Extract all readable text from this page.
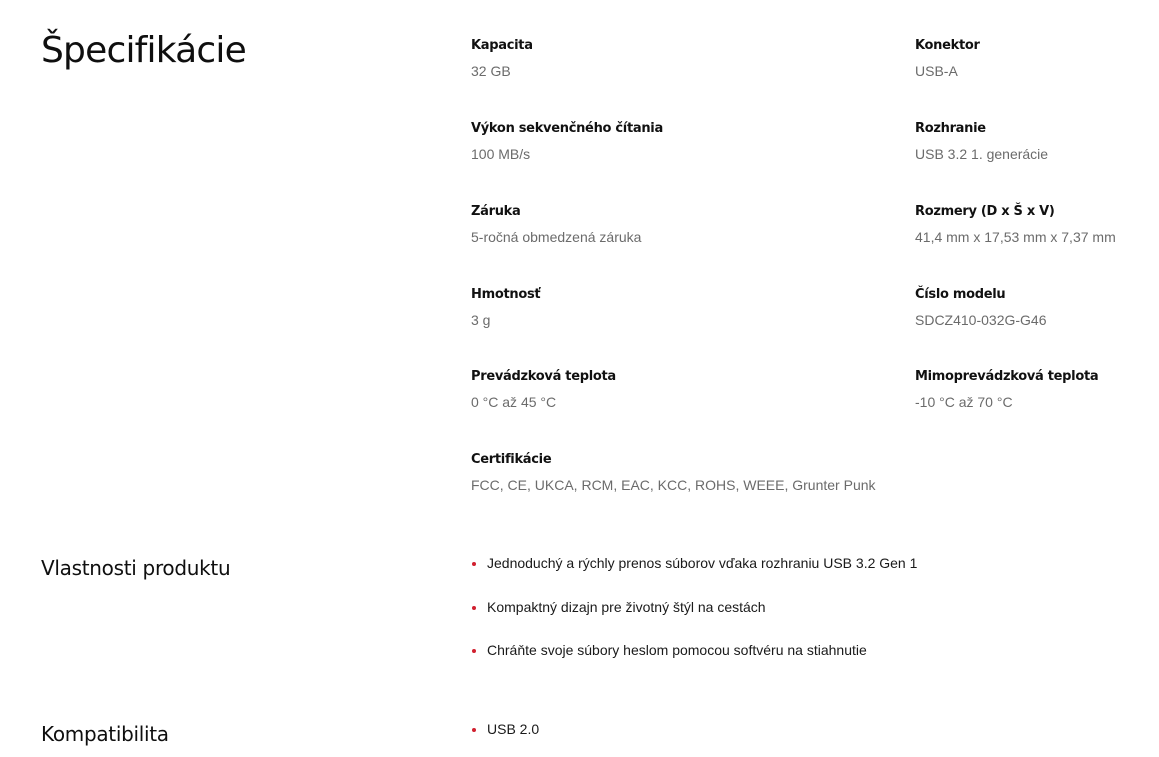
Špecifikácie	Kapacita
32 GB
Konektor
USB-A
Výkon sekvenčného čítania
100 MB/s
Rozhranie
USB 3.2 1. generácie
Záruka
5-ročná obmedzená záruka
Rozmery (D x Š x V)
41,4 mm x 17,53 mm x 7,37 mm
Hmotnosť
3 g
Číslo modelu
SDCZ410-032G-G46
Prevádzková teplota
0 °C až 45 °C
Mimoprevádzková teplota
-10 °C až 70 °C
Certifikácie
FCC, CE, UKCA, RCM, EAC, KCC, ROHS, WEEE, Grunter Punk
Vlastnosti produktu	Jednoduchý a rýchly prenos súborov vďaka rozhraniu USB 3.2 Gen 1
Kompaktný dizajn pre životný štýl na cestách
Chráňte svoje súbory heslom pomocou softvéru na stiahnutie
Kompatibilita	USB 2.0
